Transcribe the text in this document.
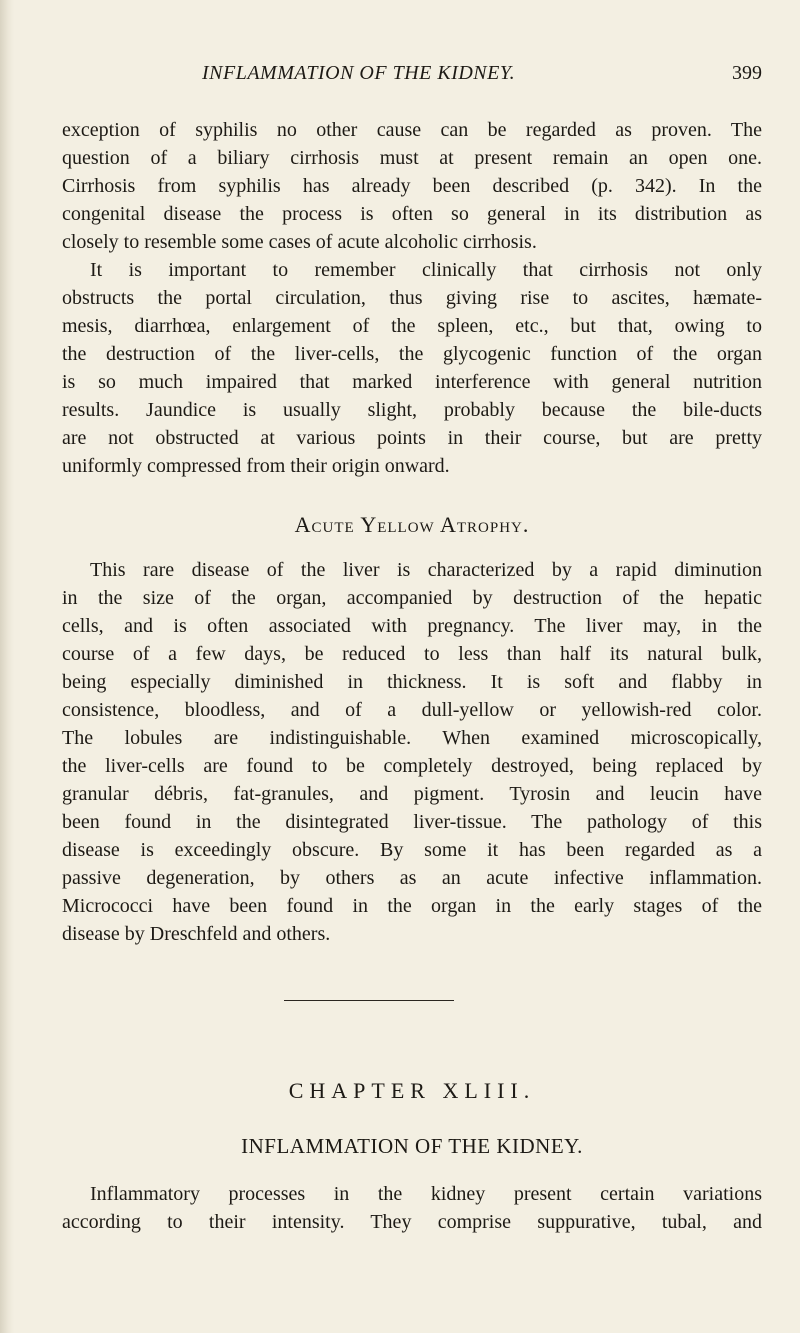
INFLAMMATION OF THE KIDNEY.	399
exception of syphilis no other cause can be regarded as proven. The
question of a biliary cirrhosis must at present remain an open one.
Cirrhosis from syphilis has already been described (p. 342). In the
congenital disease the process is often so general in its distribution as
closely to resemble some cases of acute alcoholic cirrhosis.
It is important to remember clinically that cirrhosis not only
obstructs the portal circulation, thus giving rise to ascites, hæmate-
mesis, diarrhœa, enlargement of the spleen, etc., but that, owing to
the destruction of the liver-cells, the glycogenic function of the organ
is so much impaired that marked interference with general nutrition
results. Jaundice is usually slight, probably because the bile-ducts
are not obstructed at various points in their course, but are pretty
uniformly compressed from their origin onward.
Acute Yellow Atrophy.
This rare disease of the liver is characterized by a rapid diminution
in the size of the organ, accompanied by destruction of the hepatic
cells, and is often associated with pregnancy. The liver may, in the
course of a few days, be reduced to less than half its natural bulk,
being especially diminished in thickness. It is soft and flabby in
consistence, bloodless, and of a dull-yellow or yellowish-red color.
The lobules are indistinguishable. When examined microscopically,
the liver-cells are found to be completely destroyed, being replaced by
granular débris, fat-granules, and pigment. Tyrosin and leucin have
been found in the disintegrated liver-tissue. The pathology of this
disease is exceedingly obscure. By some it has been regarded as a
passive degeneration, by others as an acute infective inflammation.
Micrococci have been found in the organ in the early stages of the
disease by Dreschfeld and others.
CHAPTER XLIII.
INFLAMMATION OF THE KIDNEY.
Inflammatory processes in the kidney present certain variations
according to their intensity. They comprise suppurative, tubal, and
